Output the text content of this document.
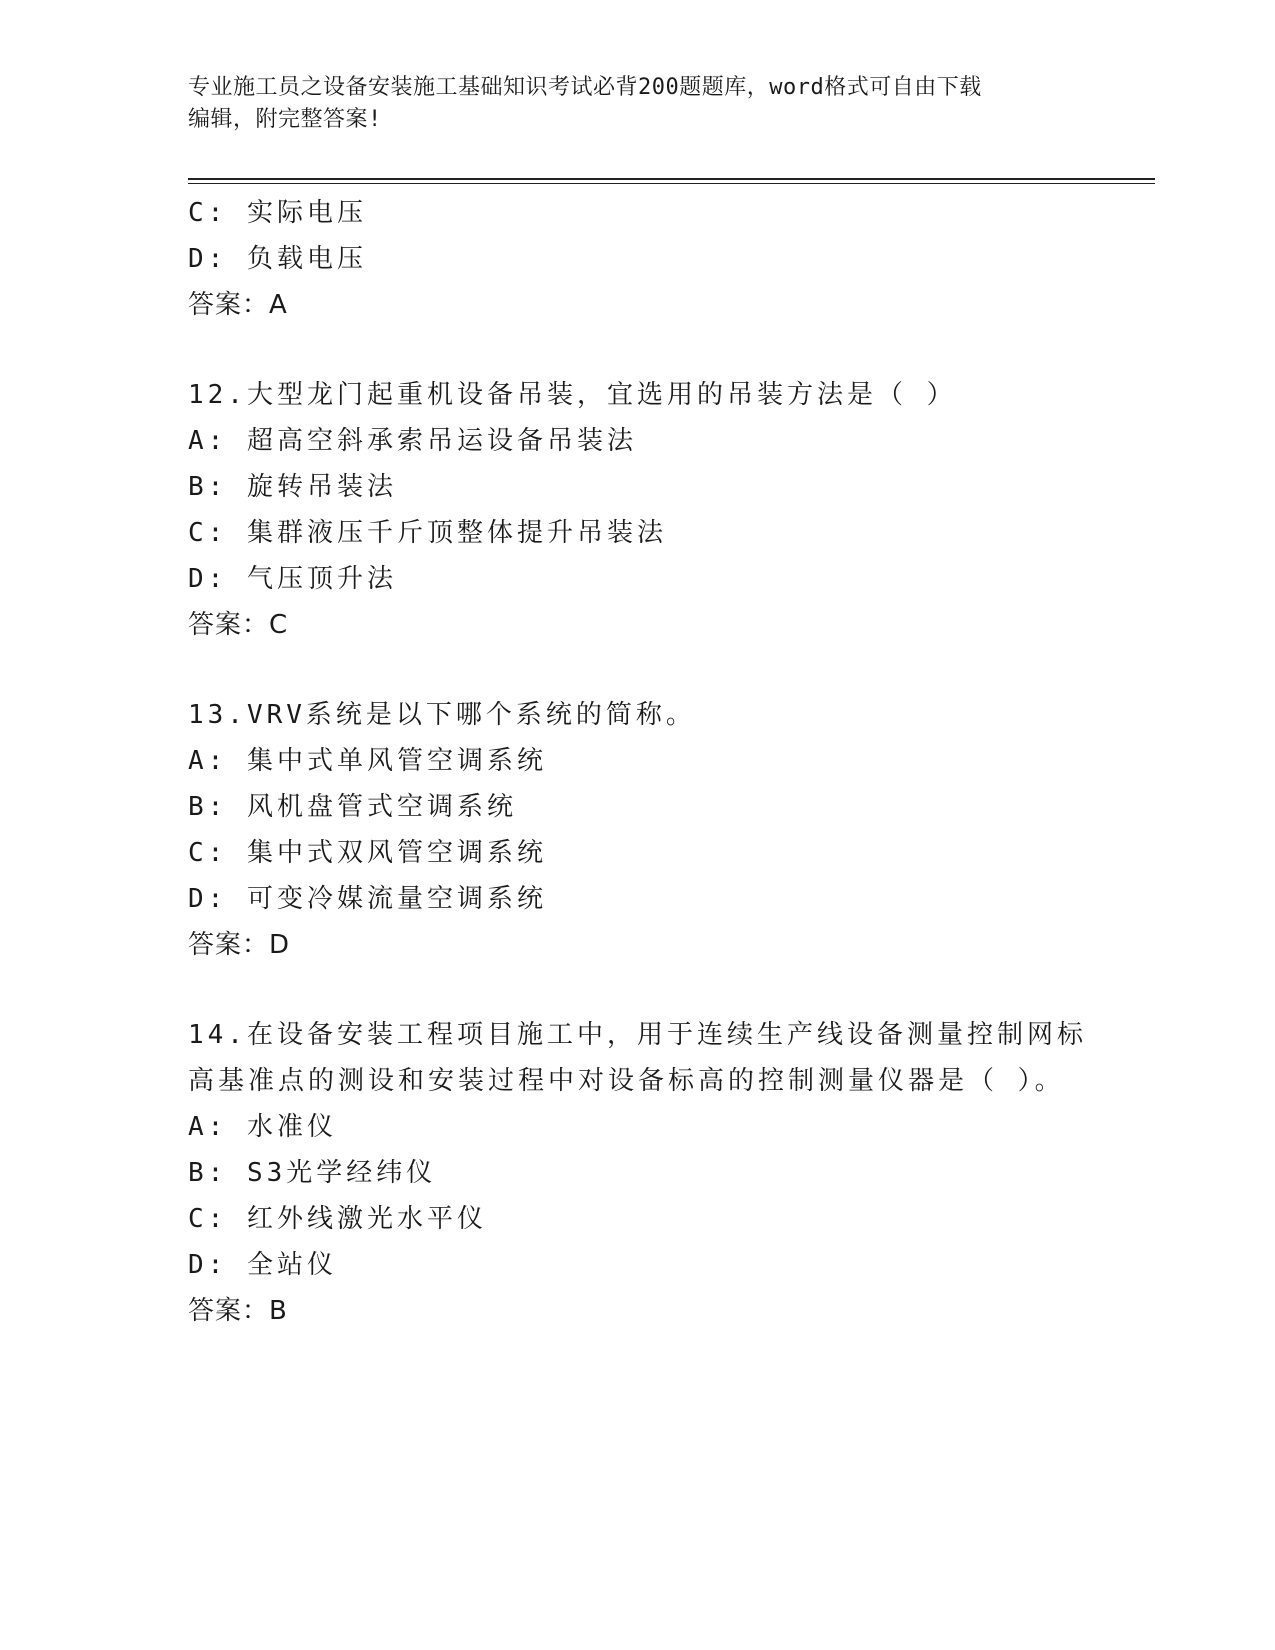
专业施工员之设备安装施工基础知识考试必背200题题库，word格式可自由下载
编辑，附完整答案!
C: 实际电压
D: 负载电压
答案：A
12.大型龙门起重机设备吊装，宜选用的吊装方法是（ ）
A: 超高空斜承索吊运设备吊装法
B: 旋转吊装法
C: 集群液压千斤顶整体提升吊装法
D: 气压顶升法
答案：C
13.VRV系统是以下哪个系统的简称。
A: 集中式单风管空调系统
B: 风机盘管式空调系统
C: 集中式双风管空调系统
D: 可变冷媒流量空调系统
答案：D
14.在设备安装工程项目施工中，用于连续生产线设备测量控制网标高基准点的测设和安装过程中对设备标高的控制测量仪器是（ ）。
A: 水准仪
B: S3光学经纬仪
C: 红外线激光水平仪
D: 全站仪
答案：B
